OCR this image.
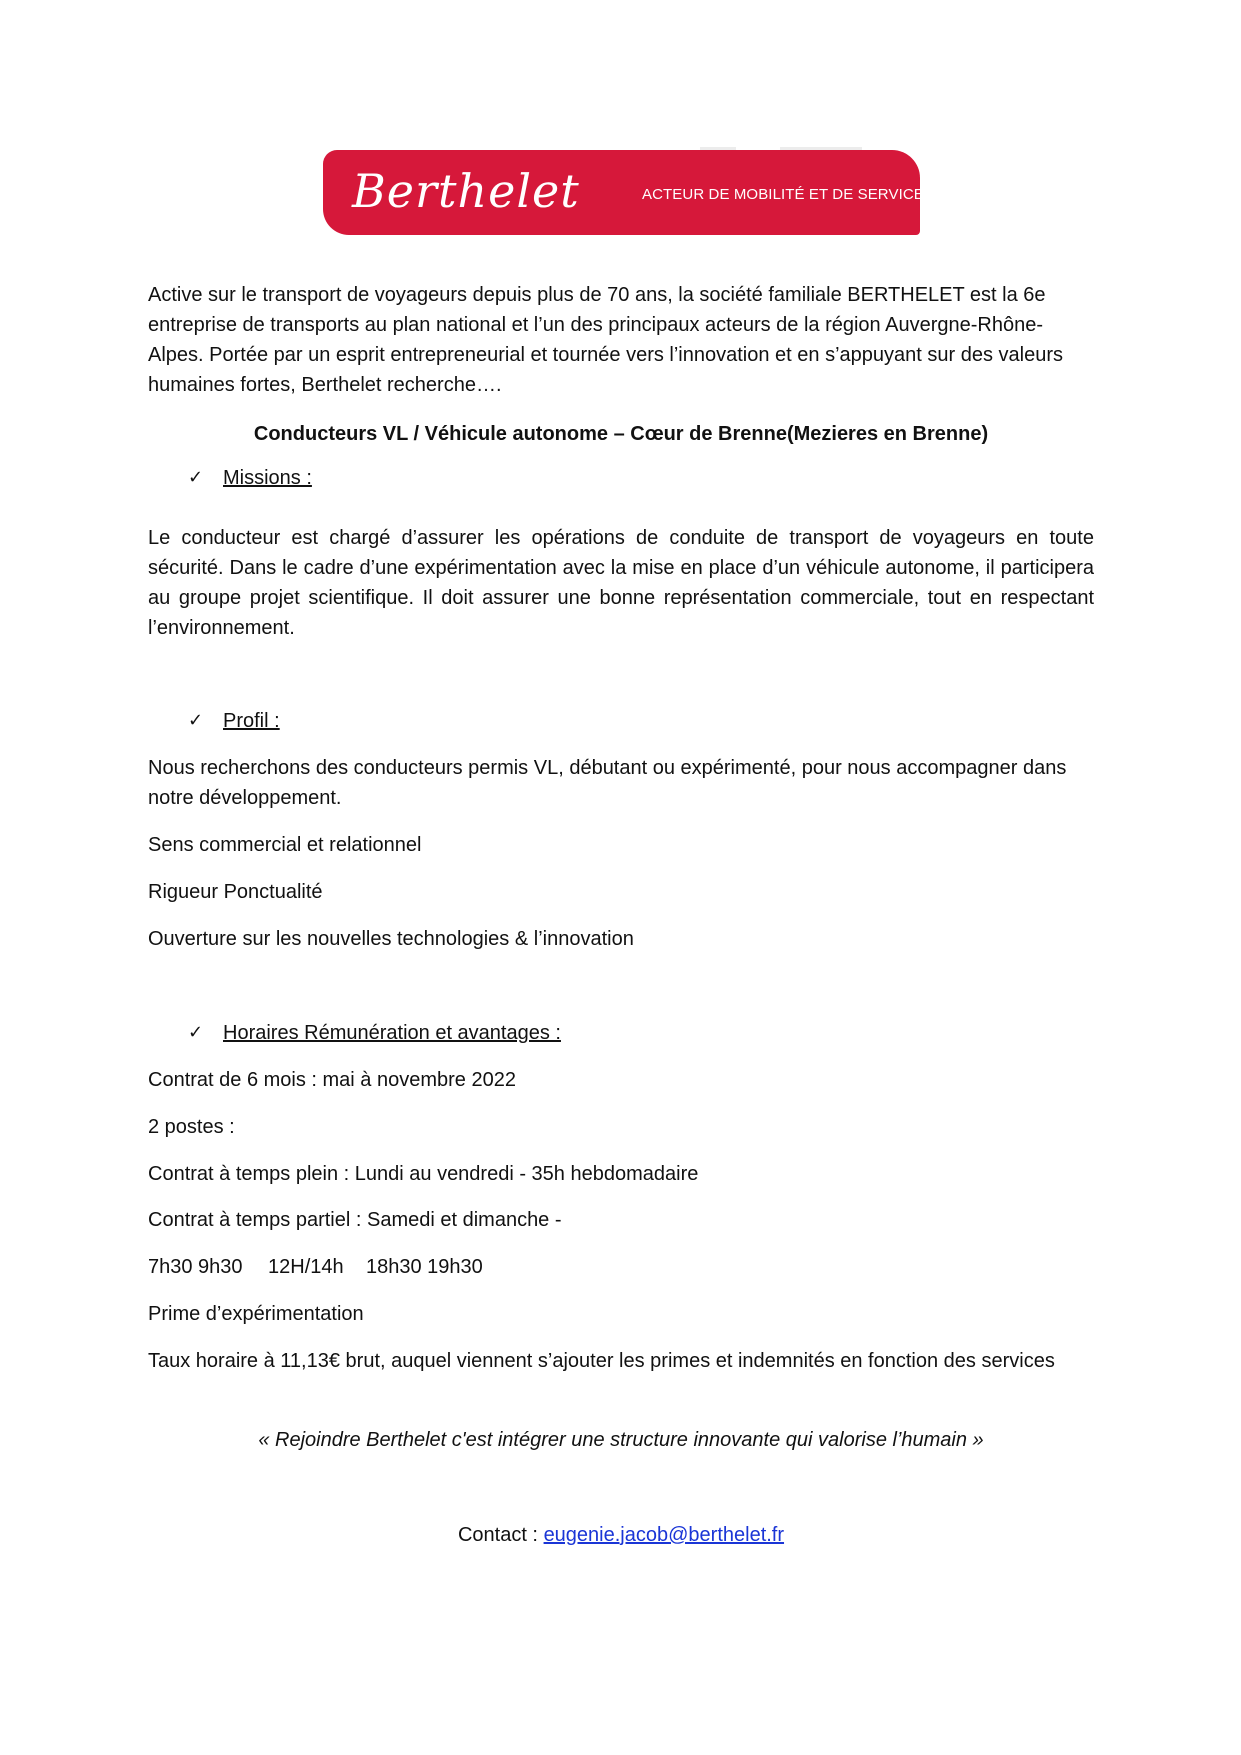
Berthelet	ACTEUR DE MOBILITÉ ET DE SERVICES

Active sur le transport de voyageurs depuis plus de 70 ans, la société familiale BERTHELET est la 6e entreprise de transports au plan national et l’un des principaux acteurs de la région Auvergne-Rhône-Alpes. Portée par un esprit entrepreneurial et tournée vers l’innovation et en s’appuyant sur des valeurs humaines fortes, Berthelet recherche….

Conducteurs VL / Véhicule autonome – Cœur de Brenne(Mezieres en Brenne)
✓ Missions :

Le conducteur est chargé d’assurer les opérations de conduite de transport de voyageurs en toute sécurité. Dans le cadre d’une expérimentation avec la mise en place d’un véhicule autonome, il participera au groupe projet scientifique. Il doit assurer une bonne représentation commerciale, tout en respectant l’environnement.

✓ Profil :

Nous recherchons des conducteurs permis VL, débutant ou expérimenté, pour nous accompagner dans notre développement.

Sens commercial et relationnel
Rigueur Ponctualité
Ouverture sur les nouvelles technologies & l’innovation
✓ Horaires Rémunération et avantages :
Contrat de 6 mois : mai à novembre 2022
2 postes :
Contrat à temps plein : Lundi au vendredi - 35h hebdomadaire
Contrat à temps partiel : Samedi et dimanche -
7h30 9h30 12H/14h 18h30 19h30
Prime d’expérimentation

Taux horaire à 11,13€ brut, auquel viennent s’ajouter les primes et indemnités en fonction des services

« Rejoindre Berthelet c'est intégrer une structure innovante qui valorise l’humain »
Contact : eugenie.jacob@berthelet.fr
